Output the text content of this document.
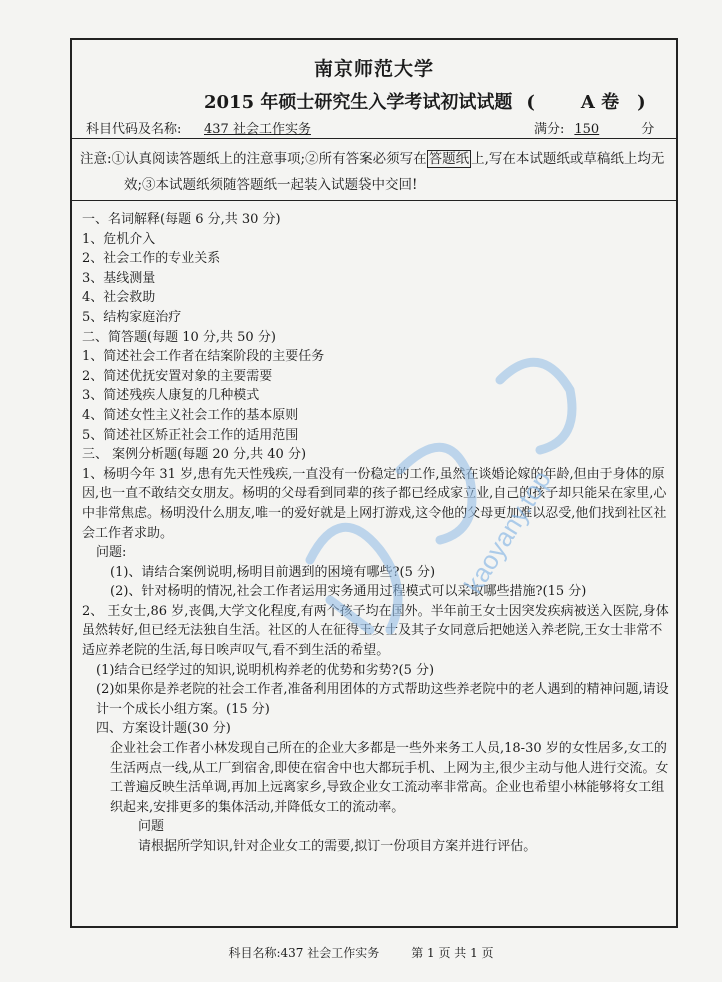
南京师范大学
2015 年硕士研究生入学考试初试试题 (	A 卷 )
科目代码及名称: 437 社会工作实务	满分: 150	分
注意:①认真阅读答题纸上的注意事项;②所有答案必须写在 答题纸 上,写在本试题纸或草稿纸上均无
效;③本试题纸须随答题纸一起装入试题袋中交回!

一、名词解释(每题 6 分,共 30 分)

1、危机介入

2、社会工作的专业关系

3、基线测量

4、社会救助

5、结构家庭治疗

二、简答题(每题 10 分,共 50 分)

1、简述社会工作者在结案阶段的主要任务

2、简述优抚安置对象的主要需要

3、简述残疾人康复的几种模式

4、简述女性主义社会工作的基本原则

5、简述社区矫正社会工作的适用范围

三、 案例分析题(每题 20 分,共 40 分)

1、杨明今年 31 岁,患有先天性残疾,一直没有一份稳定的工作,虽然在谈婚论嫁的年龄,但由于身体的原因,也一直不敢结交女朋友。杨明的父母看到同辈的孩子都已经成家立业,自己的孩子却只能呆在家里,心中非常焦虑。杨明没什么朋友,唯一的爱好就是上网打游戏,这令他的父母更加难以忍受,他们找到社区社会工作者求助。

问题:

(1)、请结合案例说明,杨明目前遇到的困境有哪些?(5 分)

(2)、针对杨明的情况,社会工作者运用实务通用过程模式可以采取哪些措施?(15 分)

2、 王女士,86 岁,丧偶,大学文化程度,有两个孩子均在国外。半年前王女士因突发疾病被送入医院,身体虽然转好,但已经无法独自生活。社区的人在征得王女士及其子女同意后把她送入养老院,王女士非常不适应养老院的生活,每日唉声叹气,看不到生活的希望。

(1)结合已经学过的知识,说明机构养老的优势和劣势?(5 分)

(2)如果你是养老院的社会工作者,准备利用团体的方式帮助这些养老院中的老人遇到的精神问题,请设计一个成长小组方案。(15 分)

四、方案设计题(30 分)

企业社会工作者小林发现自己所在的企业大多都是一些外来务工人员,18-30 岁的女性居多,女工的生活两点一线,从工厂到宿舍,即使在宿舍中也大都玩手机、上网为主,很少主动与他人进行交流。女工普遍反映生活单调,再加上远离家乡,导致企业女工流动率非常高。企业也希望小林能够将女工组织起来,安排更多的集体活动,并降低女工的流动率。

问题

请根据所学知识,针对企业女工的需要,拟订一份项目方案并进行评估。

kaoyany.top
科目名称:437 社会工作实务	第 1 页 共 1 页
